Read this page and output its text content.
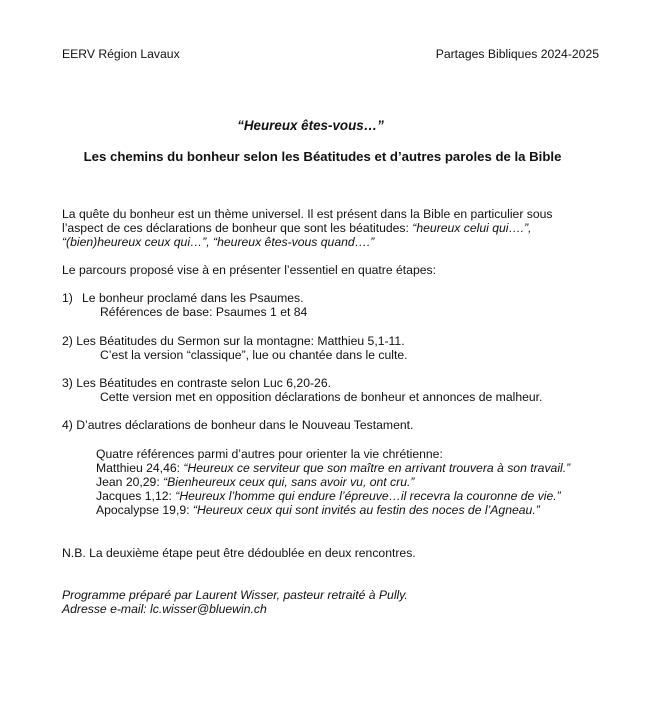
EERV Région Lavaux	Partages Bibliques 2024-2025
“Heureux êtes-vous…”
Les chemins du bonheur selon les Béatitudes et d’autres paroles de la Bible
La quête du bonheur est un thème universel. Il est présent dans la Bible en particulier sous
l’aspect de ces déclarations de bonheur que sont les béatitudes: “heureux celui qui….”,
“(bien)heureux ceux qui…”, “heureux êtes-vous quand….”
Le parcours proposé vise à en présenter l’essentiel en quatre étapes:
1) Le bonheur proclamé dans les Psaumes.
Références de base: Psaumes 1 et 84
2) Les Béatitudes du Sermon sur la montagne: Matthieu 5,1-11.
C’est la version “classique”, lue ou chantée dans le culte.
3) Les Béatitudes en contraste selon Luc 6,20-26.
Cette version met en opposition déclarations de bonheur et annonces de malheur.
4) D’autres déclarations de bonheur dans le Nouveau Testament.
Quatre références parmi d’autres pour orienter la vie chrétienne:
Matthieu 24,46: “Heureux ce serviteur que son maître en arrivant trouvera à son travail.”
Jean 20,29: “Bienheureux ceux qui, sans avoir vu, ont cru.”
Jacques 1,12: “Heureux l’homme qui endure l’épreuve…il recevra la couronne de vie.”
Apocalypse 19,9: “Heureux ceux qui sont invités au festin des noces de l’Agneau.”
N.B. La deuxième étape peut être dédoublée en deux rencontres.
Programme préparé par Laurent Wisser, pasteur retraité à Pully.
Adresse e-mail: lc.wisser@bluewin.ch
